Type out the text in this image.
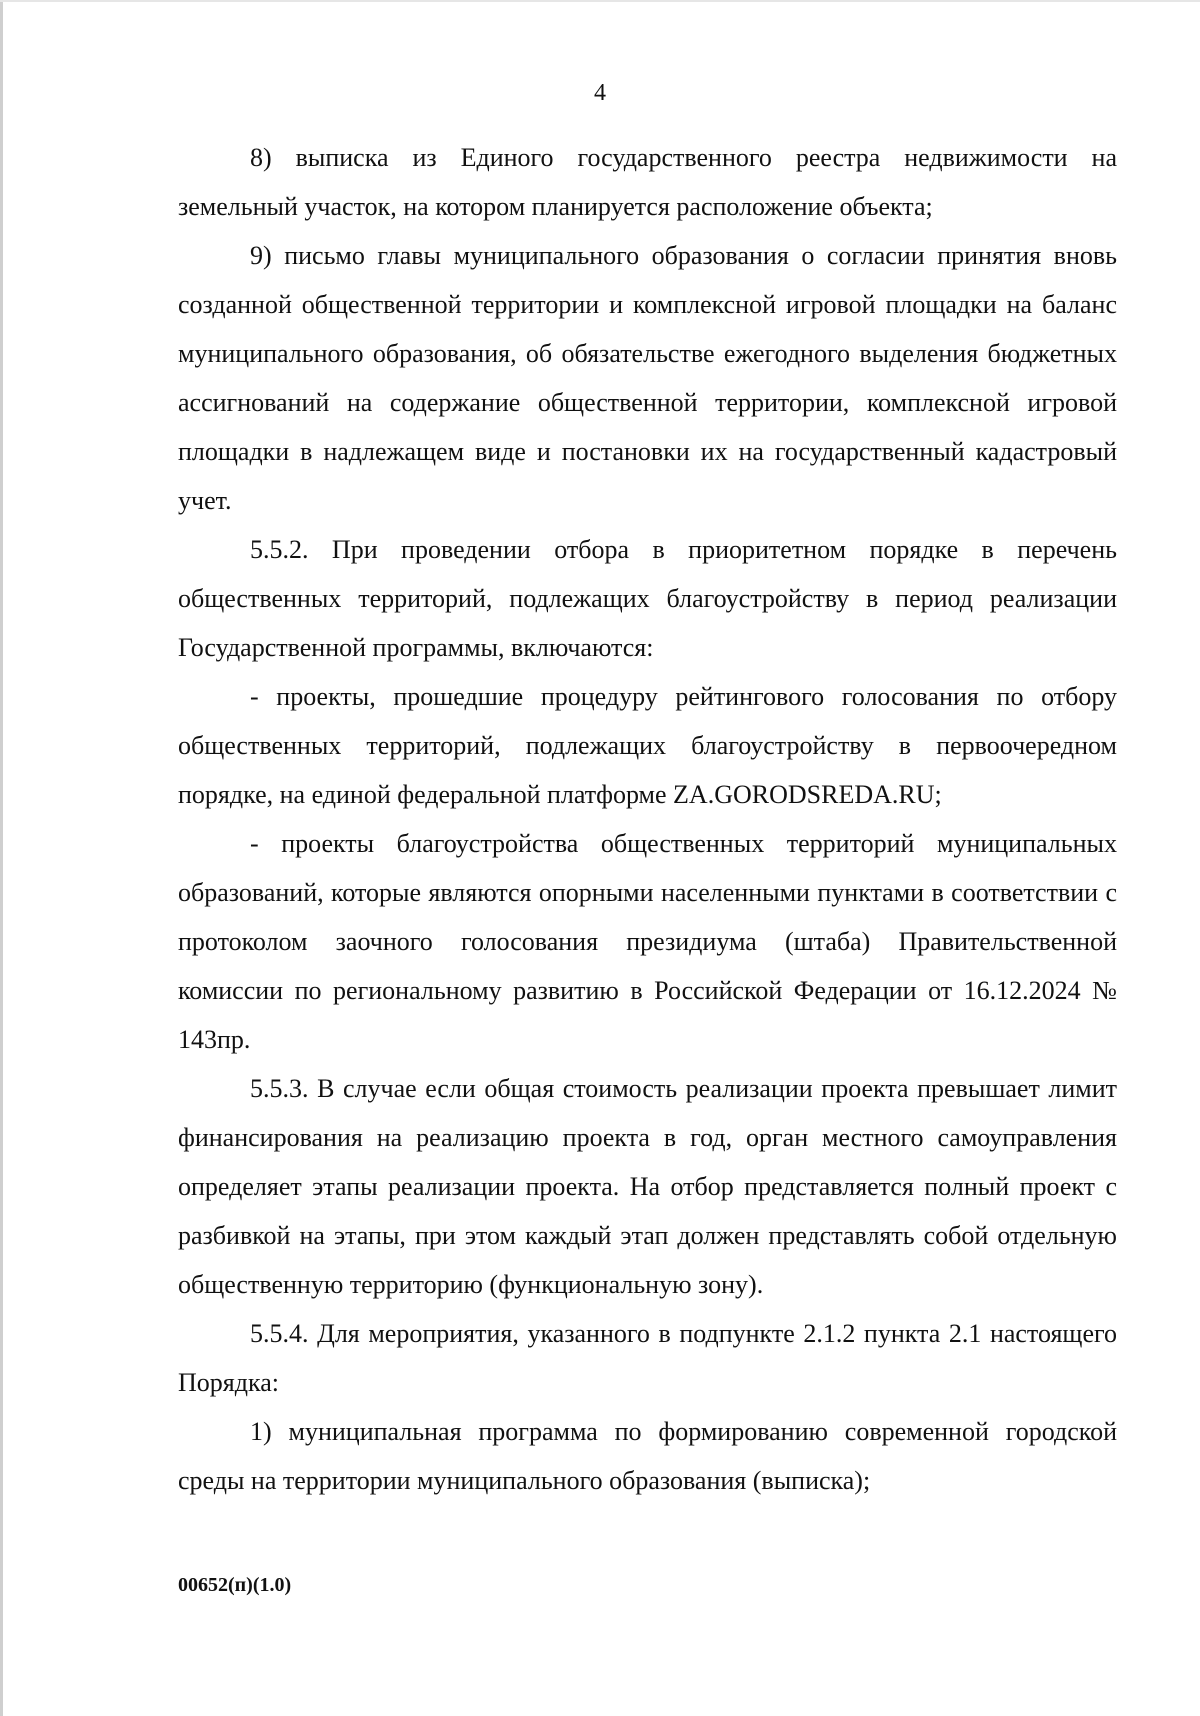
4

8) выписка из Единого государственного реестра недвижимости на земельный участок, на котором планируется расположение объекта;

9) письмо главы муниципального образования о согласии принятия вновь созданной общественной территории и комплексной игровой площадки на баланс муниципального образования, об обязательстве ежегодного выделения бюджетных ассигнований на содержание общественной территории, комплексной игровой площадки в надлежащем виде и постановки их на государственный кадастровый учет.

5.5.2. При проведении отбора в приоритетном порядке в перечень общественных территорий, подлежащих благоустройству в период реализации Государственной программы, включаются:

- проекты, прошедшие процедуру рейтингового голосования по отбору общественных территорий, подлежащих благоустройству в первоочередном порядке, на единой федеральной платформе ZA.GORODSREDA.RU;

- проекты благоустройства общественных территорий муниципальных образований, которые являются опорными населенными пунктами в соответствии с протоколом заочного голосования президиума (штаба) Правительственной комиссии по региональному развитию в Российской Федерации от 16.12.2024 № 143пр.

5.5.3. В случае если общая стоимость реализации проекта превышает лимит финансирования на реализацию проекта в год, орган местного самоуправления определяет этапы реализации проекта. На отбор представляется полный проект с разбивкой на этапы, при этом каждый этап должен представлять собой отдельную общественную территорию (функциональную зону).

5.5.4. Для мероприятия, указанного в подпункте 2.1.2 пункта 2.1 настоящего Порядка:

1) муниципальная программа по формированию современной городской среды на территории муниципального образования (выписка);

00652(п)(1.0)
